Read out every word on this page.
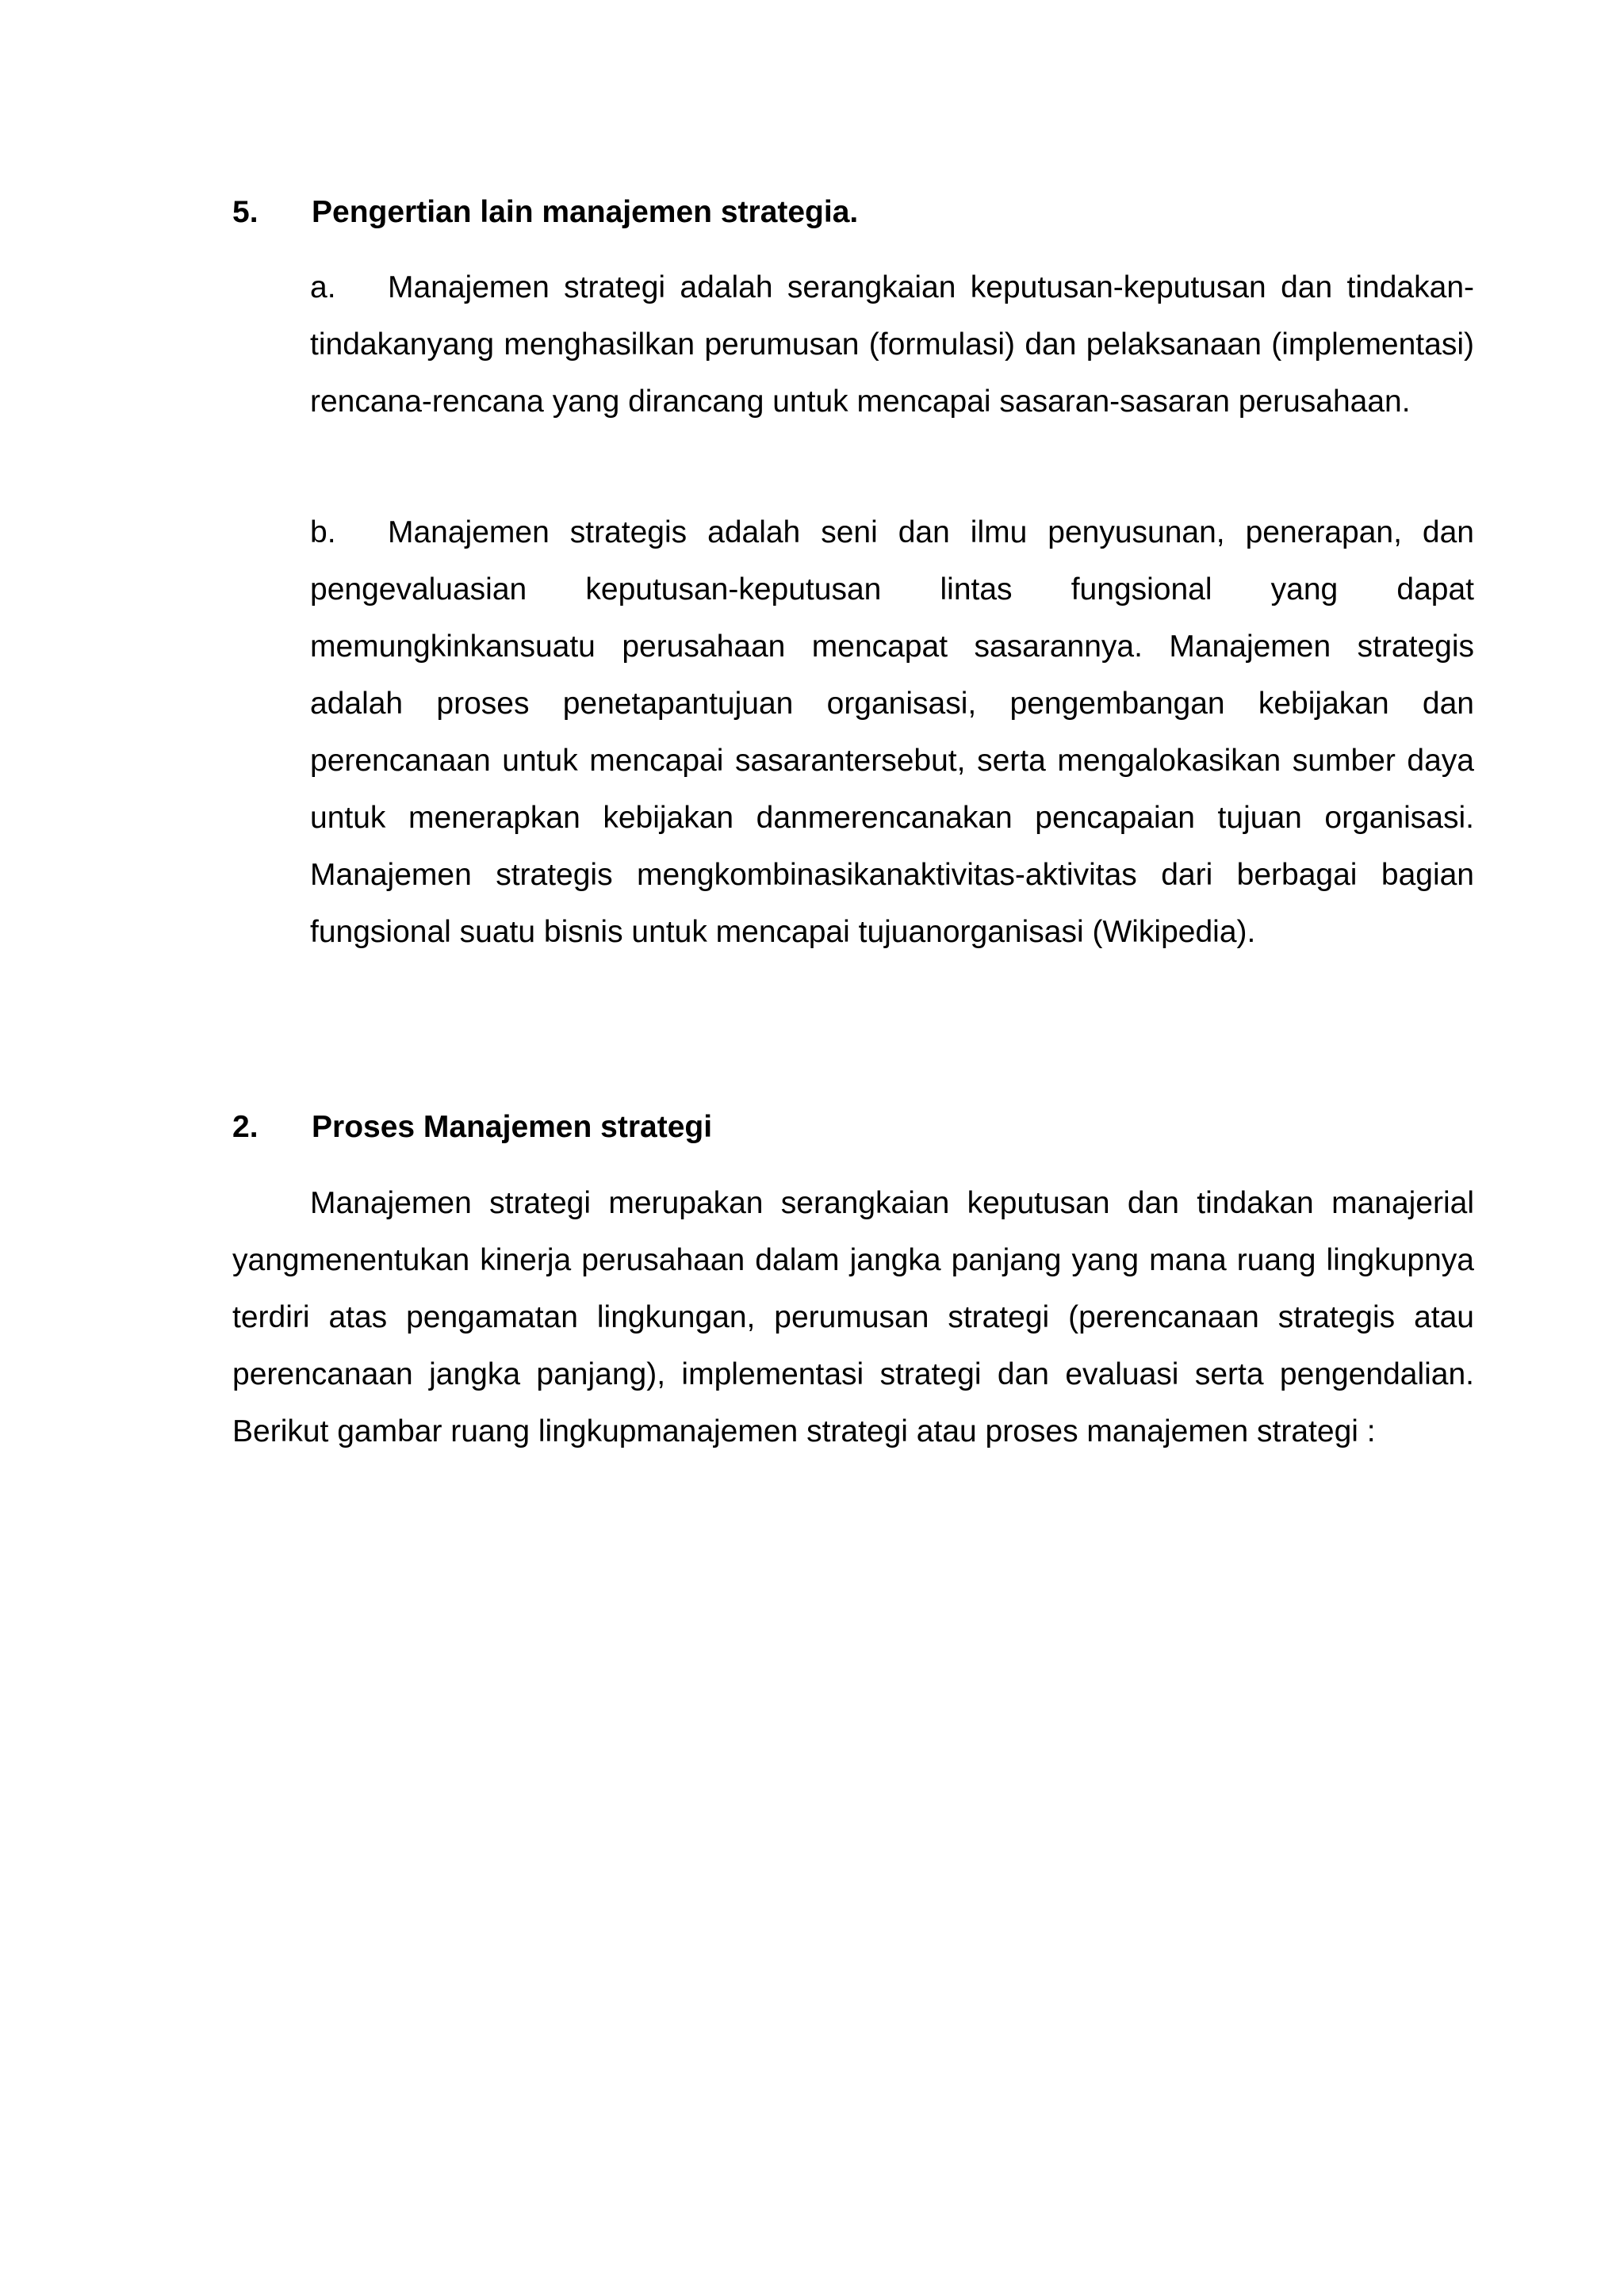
5. Pengertian lain manajemen strategia.
a. Manajemen strategi adalah serangkaian keputusan-keputusan dan tindakan-tindakanyang menghasilkan perumusan (formulasi) dan pelaksanaan (implementasi) rencana-rencana yang dirancang untuk mencapai sasaran-sasaran perusahaan.
b. Manajemen strategis adalah seni dan ilmu penyusunan, penerapan, dan pengevaluasian keputusan-keputusan lintas fungsional yang dapat memungkinkansuatu perusahaan mencapat sasarannya. Manajemen strategis adalah proses penetapantujuan organisasi, pengembangan kebijakan dan perencanaan untuk mencapai sasarantersebut, serta mengalokasikan sumber daya untuk menerapkan kebijakan danmerencanakan pencapaian tujuan organisasi. Manajemen strategis mengkombinasikanaktivitas-aktivitas dari berbagai bagian fungsional suatu bisnis untuk mencapai tujuanorganisasi (Wikipedia).
2. Proses Manajemen strategi
Manajemen strategi merupakan serangkaian keputusan dan tindakan manajerial yangmenentukan kinerja perusahaan dalam jangka panjang yang mana ruang lingkupnya terdiri atas pengamatan lingkungan, perumusan strategi (perencanaan strategis atau perencanaan jangka panjang), implementasi strategi dan evaluasi serta pengendalian. Berikut gambar ruang lingkupmanajemen strategi atau proses manajemen strategi :
